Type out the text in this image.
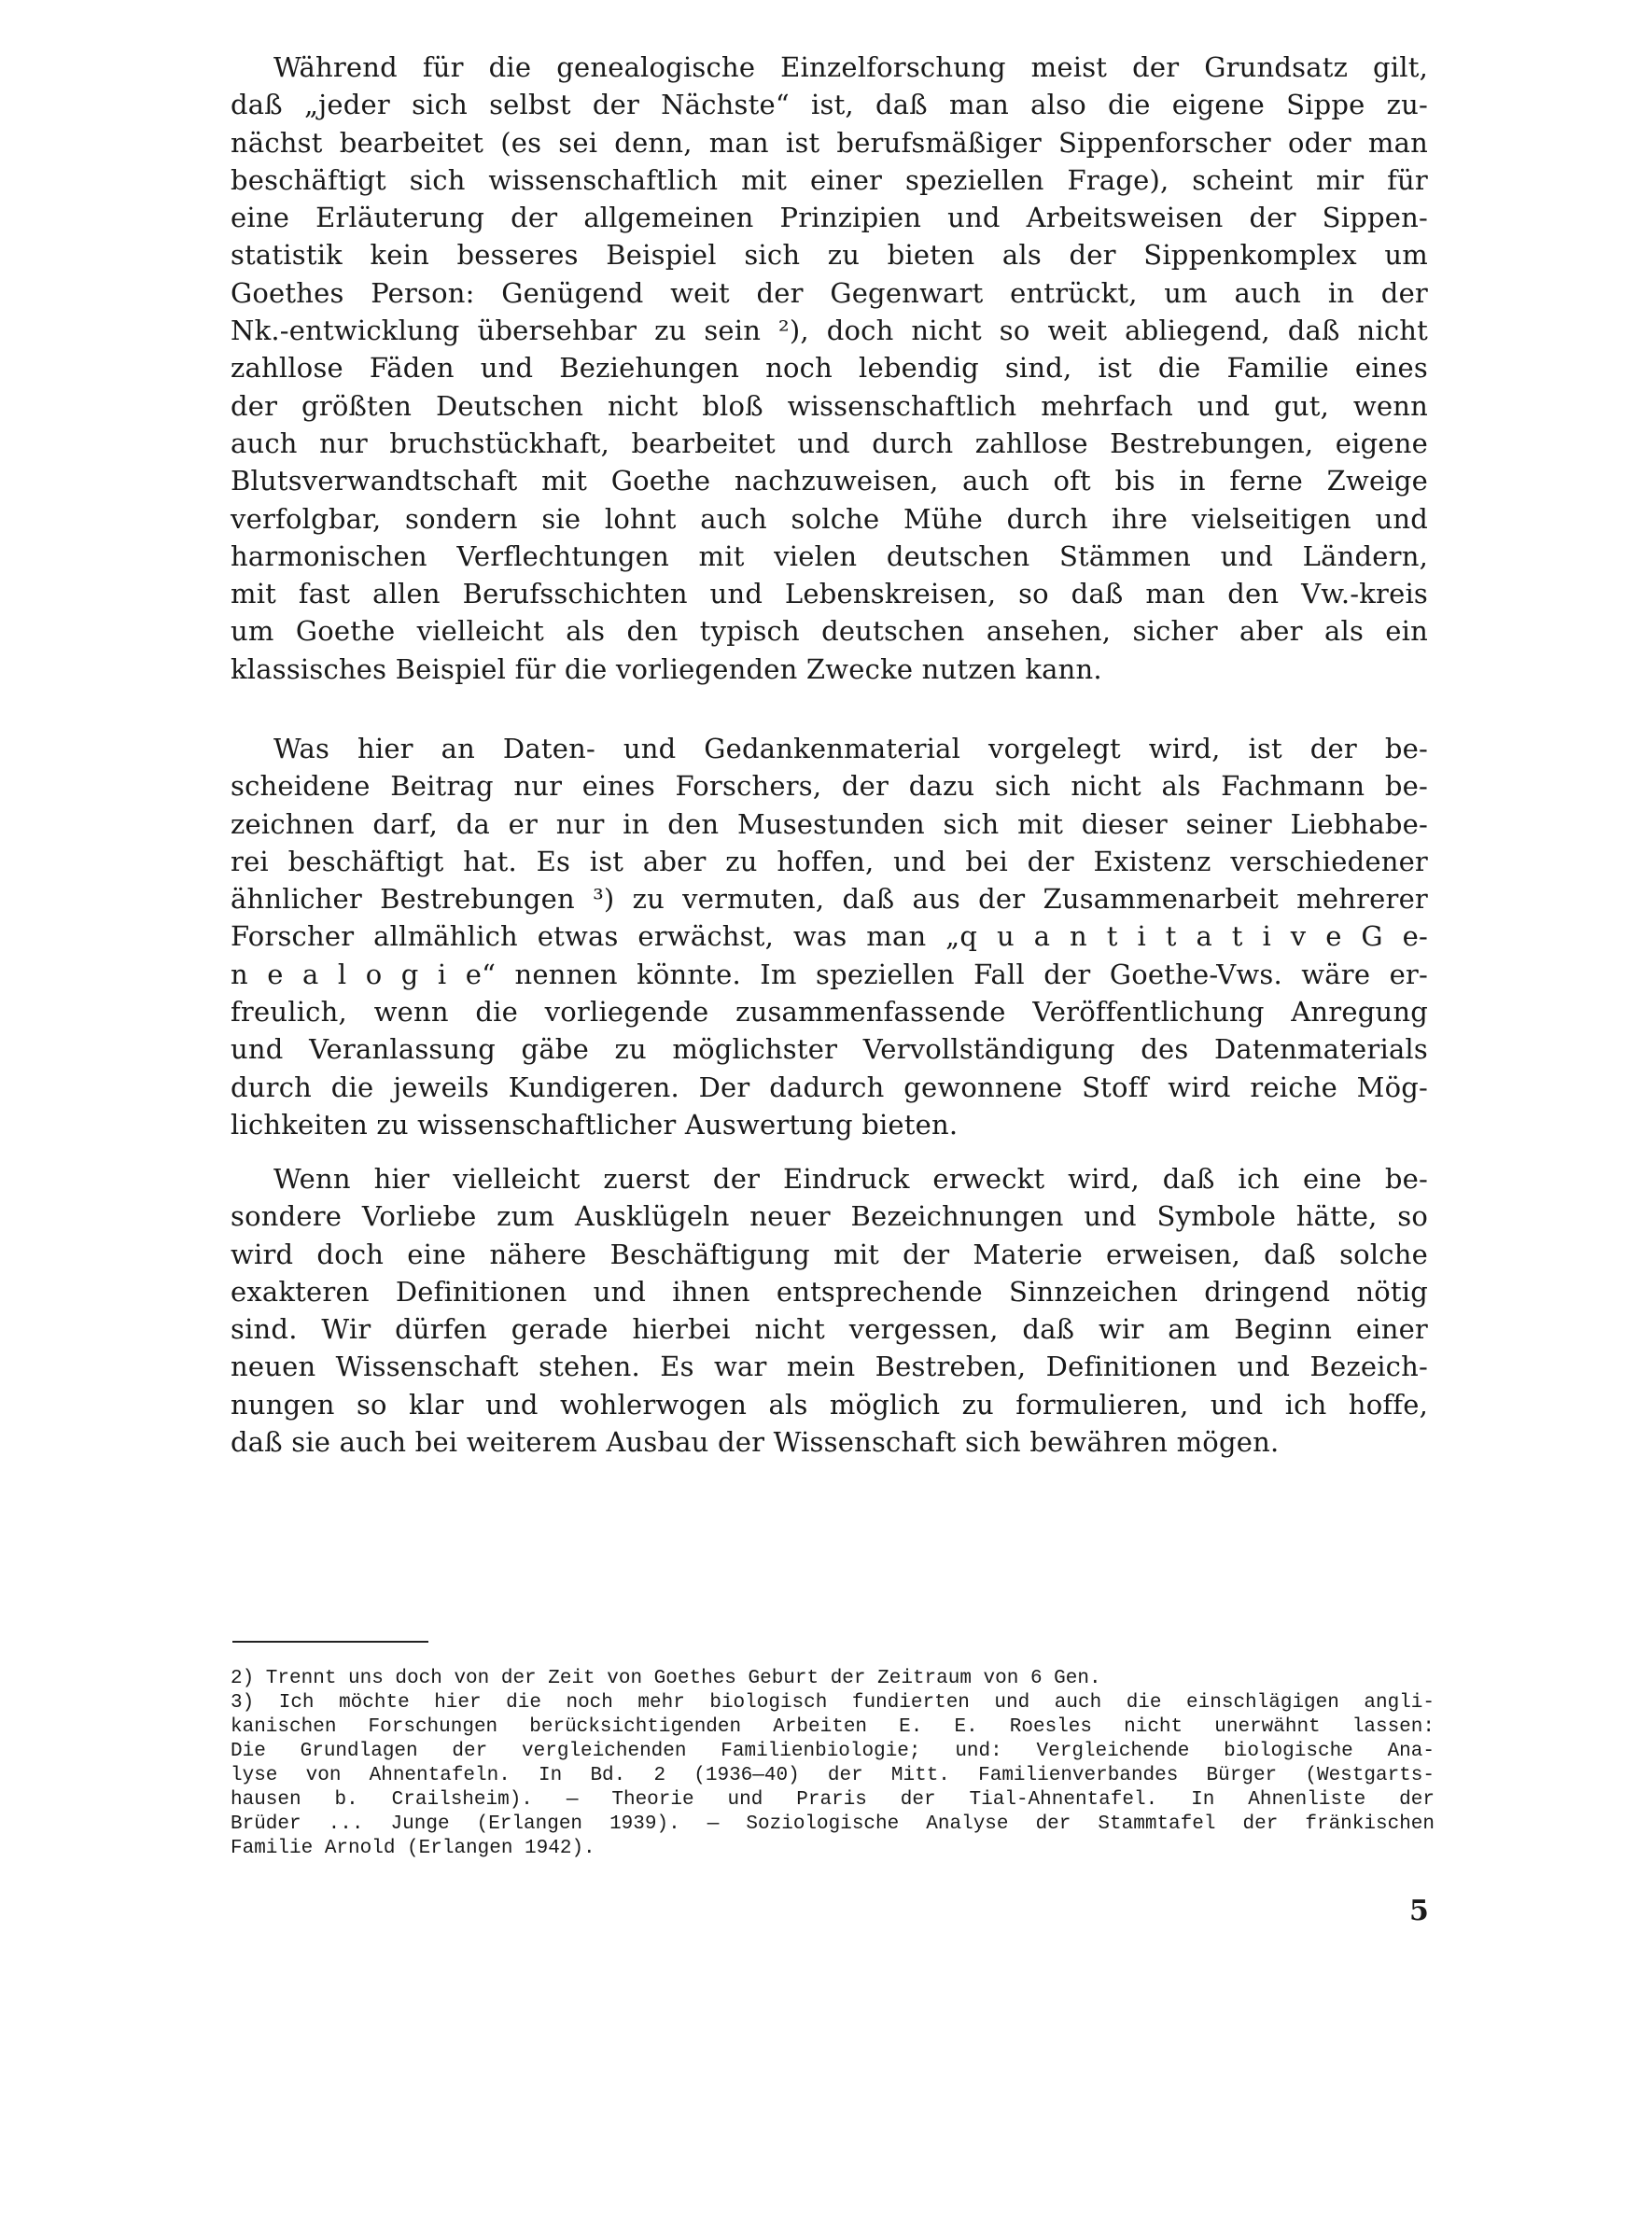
Während für die genealogische Einzelforschung meist der Grundsatz gilt,
daß „jeder sich selbst der Nächste“ ist, daß man also die eigene Sippe zu-
nächst bearbeitet (es sei denn, man ist berufsmäßiger Sippenforscher oder man
beschäftigt sich wissenschaftlich mit einer speziellen Frage), scheint mir für
eine Erläuterung der allgemeinen Prinzipien und Arbeitsweisen der Sippen-
statistik kein besseres Beispiel sich zu bieten als der Sippenkomplex um
Goethes Person: Genügend weit der Gegenwart entrückt, um auch in der
Nk.-entwicklung übersehbar zu sein ²), doch nicht so weit abliegend, daß nicht
zahllose Fäden und Beziehungen noch lebendig sind, ist die Familie eines
der größten Deutschen nicht bloß wissenschaftlich mehrfach und gut, wenn
auch nur bruchstückhaft, bearbeitet und durch zahllose Bestrebungen, eigene
Blutsverwandtschaft mit Goethe nachzuweisen, auch oft bis in ferne Zweige
verfolgbar, sondern sie lohnt auch solche Mühe durch ihre vielseitigen und
harmonischen Verflechtungen mit vielen deutschen Stämmen und Ländern,
mit fast allen Berufsschichten und Lebenskreisen, so daß man den Vw.-kreis
um Goethe vielleicht als den typisch deutschen ansehen, sicher aber als ein
klassisches Beispiel für die vorliegenden Zwecke nutzen kann.
Was hier an Daten- und Gedankenmaterial vorgelegt wird, ist der be-
scheidene Beitrag nur eines Forschers, der dazu sich nicht als Fachmann be-
zeichnen darf, da er nur in den Musestunden sich mit dieser seiner Liebhabe-
rei beschäftigt hat. Es ist aber zu hoffen, und bei der Existenz verschiedener
ähnlicher Bestrebungen ³) zu vermuten, daß aus der Zusammenarbeit mehrerer
Forscher allmählich etwas erwächst, was man „q u a n t i t a t i v e G e-
n e a l o g i e“ nennen könnte. Im speziellen Fall der Goethe-Vws. wäre er-
freulich, wenn die vorliegende zusammenfassende Veröffentlichung Anregung
und Veranlassung gäbe zu möglichster Vervollständigung des Datenmaterials
durch die jeweils Kundigeren. Der dadurch gewonnene Stoff wird reiche Mög-
lichkeiten zu wissenschaftlicher Auswertung bieten.
Wenn hier vielleicht zuerst der Eindruck erweckt wird, daß ich eine be-
sondere Vorliebe zum Ausklügeln neuer Bezeichnungen und Symbole hätte, so
wird doch eine nähere Beschäftigung mit der Materie erweisen, daß solche
exakteren Definitionen und ihnen entsprechende Sinnzeichen dringend nötig
sind. Wir dürfen gerade hierbei nicht vergessen, daß wir am Beginn einer
neuen Wissenschaft stehen. Es war mein Bestreben, Definitionen und Bezeich-
nungen so klar und wohlerwogen als möglich zu formulieren, und ich hoffe,
daß sie auch bei weiterem Ausbau der Wissenschaft sich bewähren mögen.
2) Trennt uns doch von der Zeit von Goethes Geburt der Zeitraum von 6 Gen.
3) Ich möchte hier die noch mehr biologisch fundierten und auch die einschlägigen angli-
kanischen Forschungen berücksichtigenden Arbeiten E. E. Roesles nicht unerwähnt lassen:
Die Grundlagen der vergleichenden Familienbiologie; und: Vergleichende biologische Ana-
lyse von Ahnentafeln. In Bd. 2 (1936—40) der Mitt. Familienverbandes Bürger (Westgarts-
hausen b. Crailsheim). — Theorie und Praris der Tial-Ahnentafel. In Ahnenliste der
Brüder ... Junge (Erlangen 1939). — Soziologische Analyse der Stammtafel der fränkischen
Familie Arnold (Erlangen 1942).
5
